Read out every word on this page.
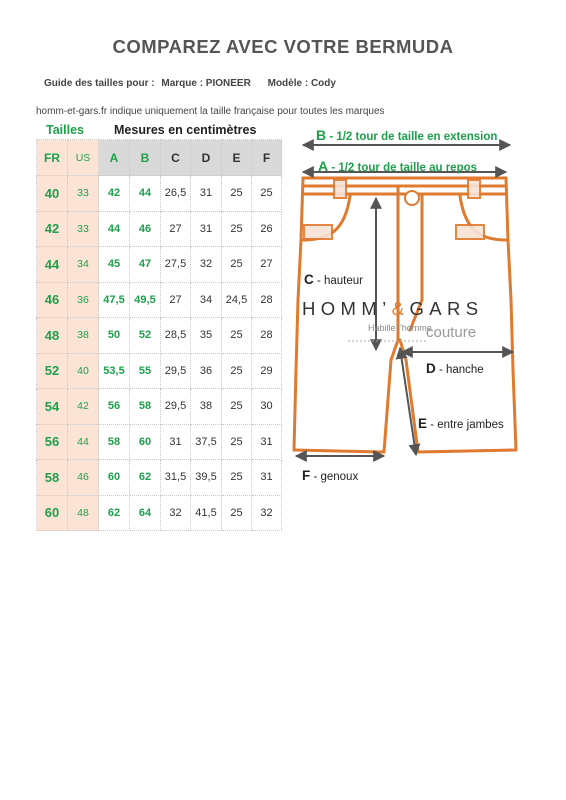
COMPAREZ AVEC VOTRE BERMUDA
Guide des tailles pour : Marque : PIONEER Modèle : Cody
homm-et-gars.fr indique uniquement la taille française pour toutes les marques
Tailles Mesures en centimètres
FR	US	A	B	C	D	E	F
40	33	42	44	26,5	31	25	25
42	33	44	46	27	31	25	26
44	34	45	47	27,5	32	25	27
46	36	47,5	49,5	27	34	24,5	28
48	38	50	52	28,5	35	25	28
52	40	53,5	55	29,5	36	25	29
54	42	56	58	29,5	38	25	30
56	44	58	60	31	37,5	25	31
58	46	60	62	31,5	39,5	25	31
60	48	62	64	32	41,5	25	32
B - 1/2 tour de taille en extension
A - 1/2 tour de taille au repos
C - hauteur
D - hanche
E - entre jambes
F - genoux
HOMM’&GARS
Habille l'homme
couture
